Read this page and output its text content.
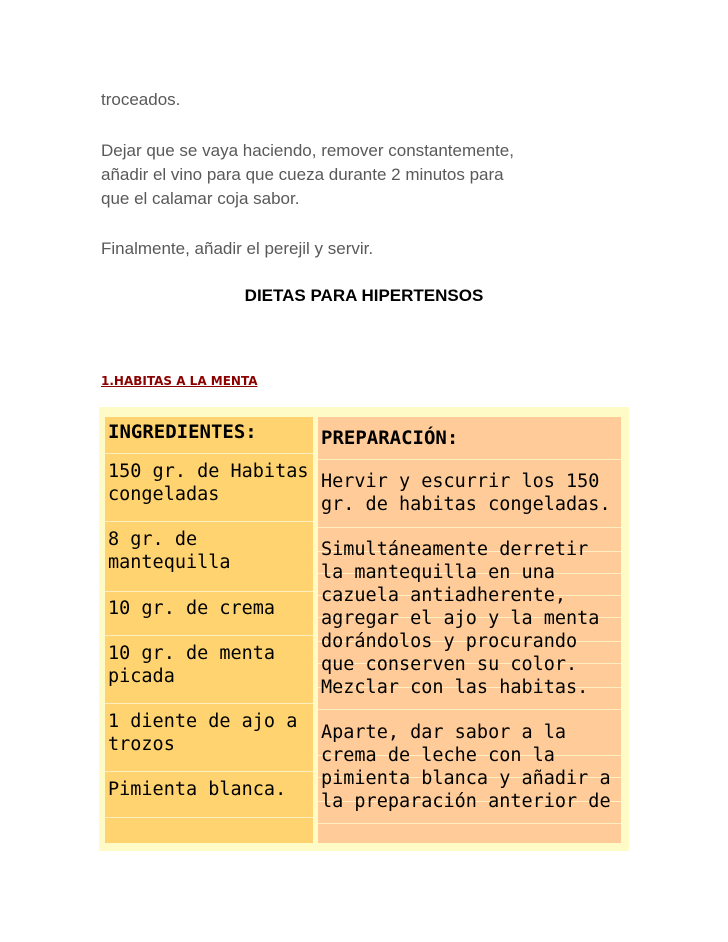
troceados.

Dejar que se vaya haciendo, remover constantemente,

añadir el vino para que cueza durante 2 minutos para

que el calamar coja sabor.

Finalmente, añadir el perejil y servir.

DIETAS PARA HIPERTENSOS

1.HABITAS A LA MENTA

INGREDIENTES:
150 gr. de Habitas
congeladas
8 gr. de
mantequilla
10 gr. de crema
10 gr. de menta
picada
1 diente de ajo a
trozos
Pimienta blanca.
PREPARACIÓN:
Hervir y escurrir los 150
gr. de habitas congeladas.
Simultáneamente derretir
la mantequilla en una
cazuela antiadherente,
agregar el ajo y la menta
dorándolos y procurando
que conserven su color.
Mezclar con las habitas.
Aparte, dar sabor a la
crema de leche con la
pimienta blanca y añadir a
la preparación anterior de
